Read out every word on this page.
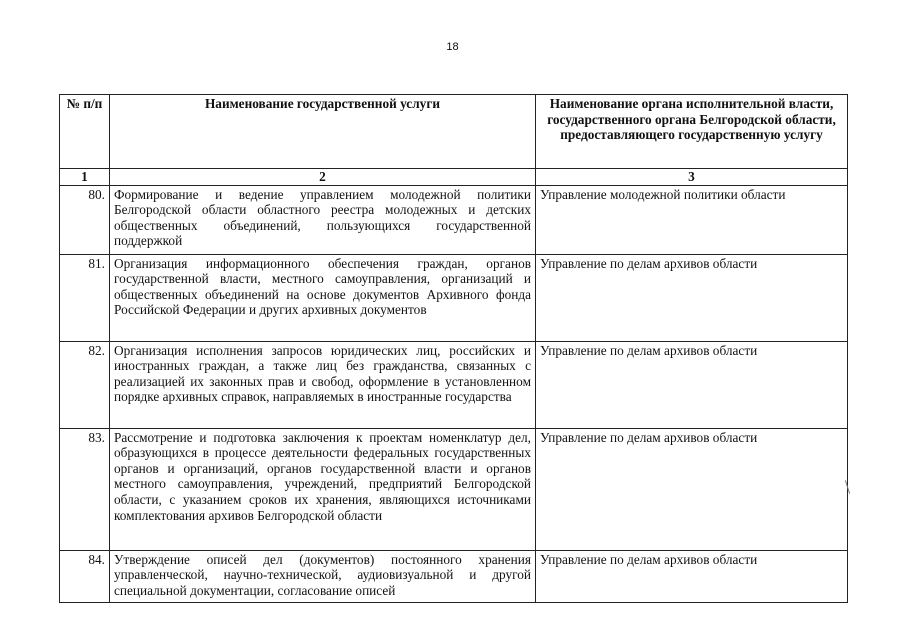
18
№ п/п	Наименование государственной услуги	Наименование органа исполнительной власти, государственного органа Белгородской области, предоставляющего государственную услугу
1	2	3
80.	Формирование и ведение управлением молодежной политики Белгородской области областного реестра молодежных и детских общественных объединений, пользующихся государственной поддержкой	Управление молодежной политики области
81.	Организация информационного обеспечения граждан, органов государственной власти, местного самоуправления, организаций и общественных объединений на основе документов Архивного фонда Российской Федерации и других архивных документов	Управление по делам архивов области
82.	Организация исполнения запросов юридических лиц, российских и иностранных граждан, а также лиц без гражданства, связанных с реализацией их законных прав и свобод, оформление в установленном порядке архивных справок, направляемых в иностранные государства	Управление по делам архивов области
83.	Рассмотрение и подготовка заключения к проектам номенклатур дел, образующихся в процессе деятельности федеральных государственных органов и организаций, органов государственной власти и органов местного самоуправления, учреждений, предприятий Белгородской области, с указанием сроков их хранения, являющихся источниками комплектования архивов Белгородской области	Управление по делам архивов области
84.	Утверждение описей дел (документов) постоянного хранения управленческой, научно-технической, аудиовизуальной и другой специальной документации, согласование описей	Управление по делам архивов области
